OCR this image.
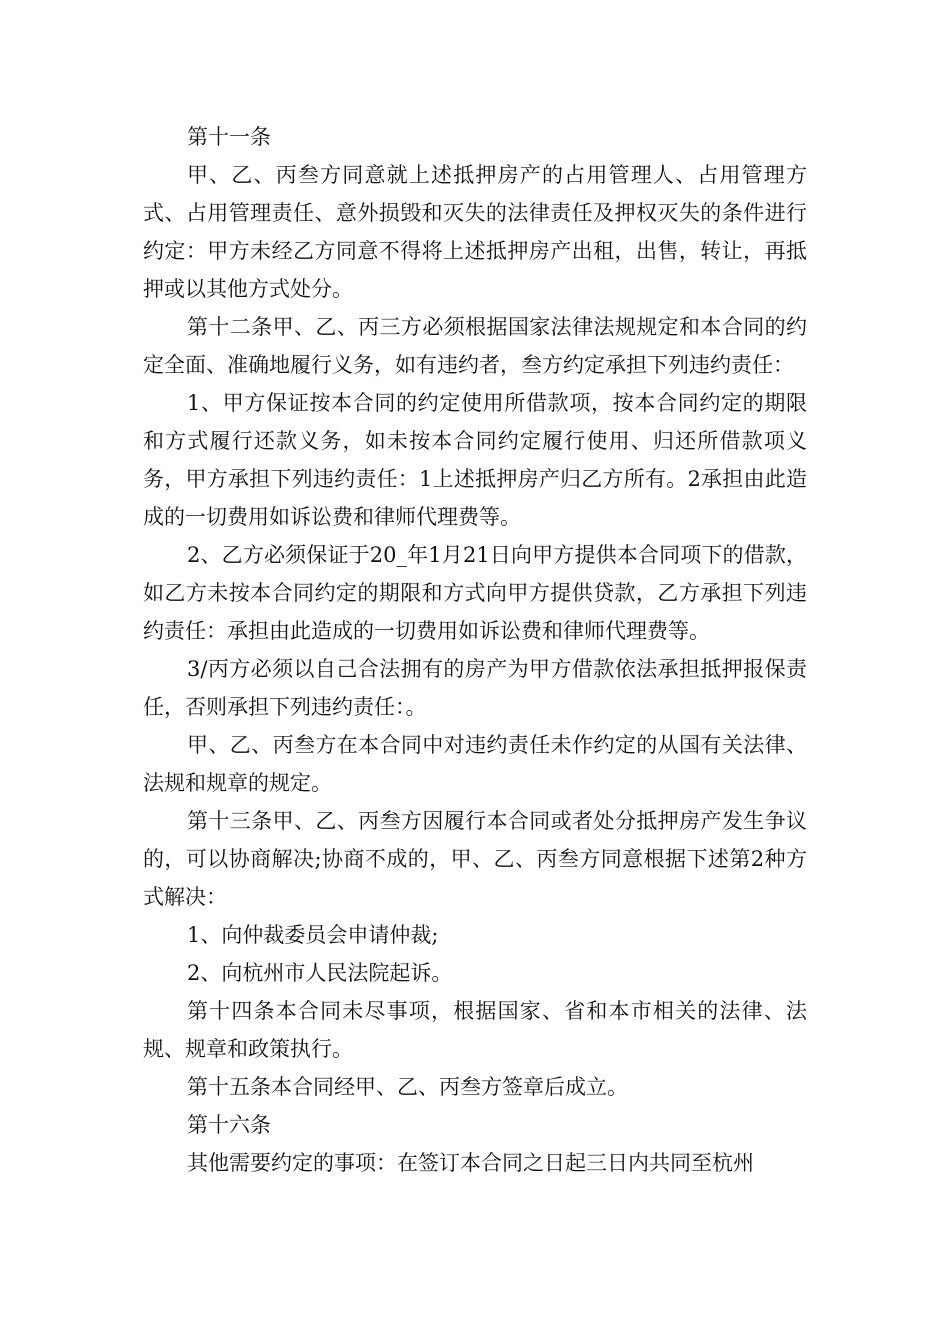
第十一条

甲、乙、丙叁方同意就上述抵押房产的占用管理人、占用管理方式、占用管理责任、意外损毁和灭失的法律责任及押权灭失的条件进行约定：甲方未经乙方同意不得将上述抵押房产出租，出售，转让，再抵押或以其他方式处分。

第十二条甲、乙、丙三方必须根据国家法律法规规定和本合同的约定全面、准确地履行义务，如有违约者，叁方约定承担下列违约责任：

1、甲方保证按本合同的约定使用所借款项，按本合同约定的期限和方式履行还款义务，如未按本合同约定履行使用、归还所借款项义务，甲方承担下列违约责任：1上述抵押房产归乙方所有。2承担由此造成的一切费用如诉讼费和律师代理费等。

2、乙方必须保证于20_年1月21日向甲方提供本合同项下的借款，如乙方未按本合同约定的期限和方式向甲方提供贷款，乙方承担下列违约责任：承担由此造成的一切费用如诉讼费和律师代理费等。

3/丙方必须以自己合法拥有的房产为甲方借款依法承担抵押报保责任，否则承担下列违约责任：。

甲、乙、丙叁方在本合同中对违约责任未作约定的从国有关法律、法规和规章的规定。

第十三条甲、乙、丙叁方因履行本合同或者处分抵押房产发生争议的，可以协商解决;协商不成的，甲、乙、丙叁方同意根据下述第2种方式解决：

1、向仲裁委员会申请仲裁;

2、向杭州市人民法院起诉。

第十四条本合同未尽事项，根据国家、省和本市相关的法律、法规、规章和政策执行。

第十五条本合同经甲、乙、丙叁方签章后成立。

第十六条

其他需要约定的事项：在签订本合同之日起三日内共同至杭州
